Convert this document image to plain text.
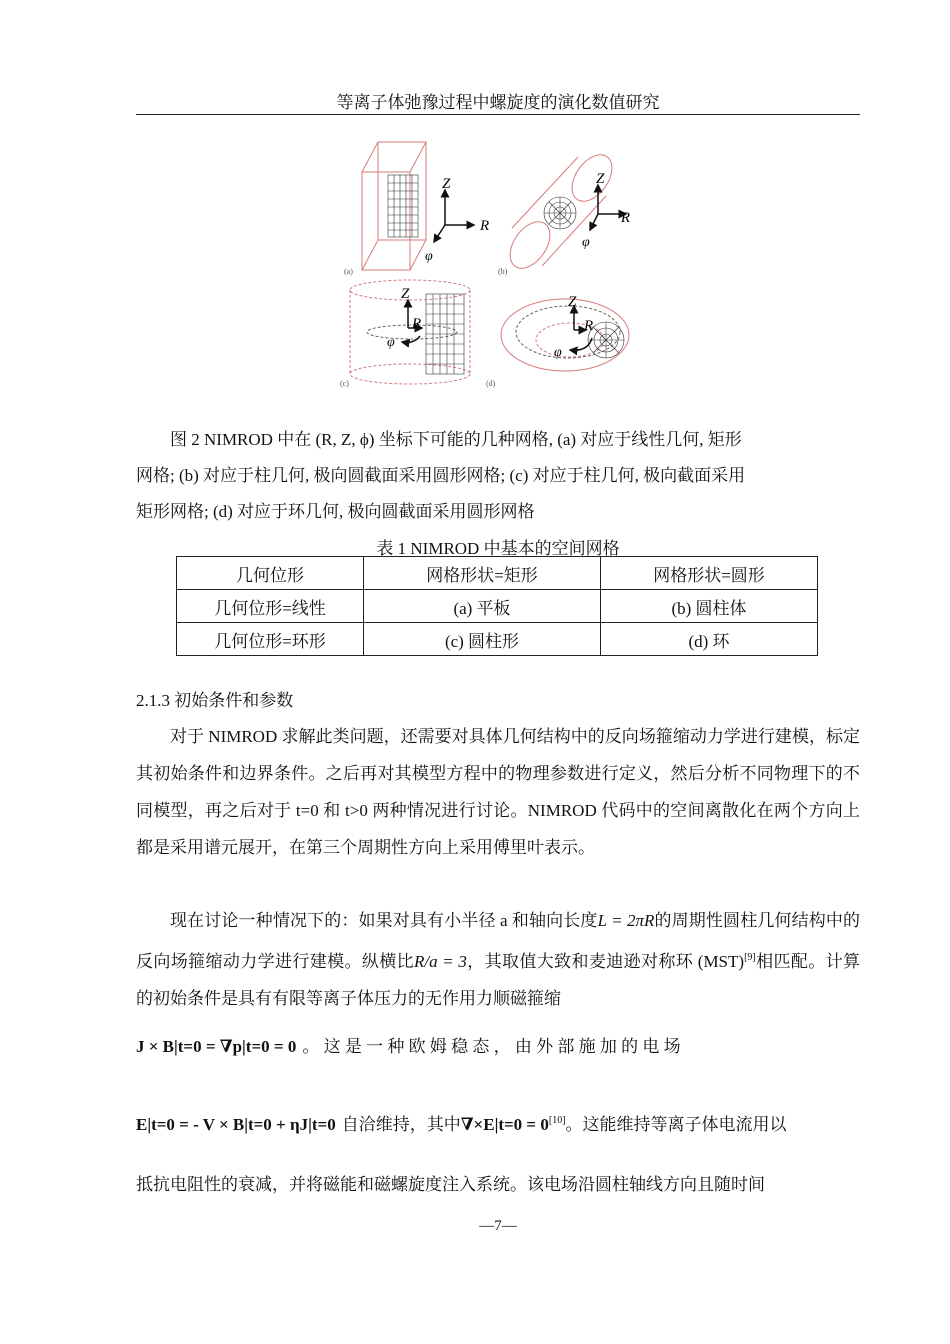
等离子体弛豫过程中螺旋度的演化数值研究
Z
R
φ
(a)
Z
R
φ
(b)
Z
R
φ
(c)
Z
R
φ
(d)
图 2 NIMROD 中在 (R, Z, ϕ) 坐标下可能的几种网格, (a) 对应于线性几何, 矩形
网格; (b) 对应于柱几何, 极向圆截面采用圆形网格; (c) 对应于柱几何, 极向截面采用
矩形网格; (d) 对应于环几何, 极向圆截面采用圆形网格
表 1 NIMROD 中基本的空间网格
几何位形	网格形状=矩形	网格形状=圆形
几何位形=线性	(a) 平板	(b) 圆柱体
几何位形=环形	(c) 圆柱形	(d) 环
2.1.3 初始条件和参数
对于 NIMROD 求解此类问题，还需要对具体几何结构中的反向场箍缩动力学进行建模，标定其初始条件和边界条件。之后再对其模型方程中的物理参数进行定义，然后分析不同物理下的不同模型，再之后对于 t=0 和 t>0 两种情况进行讨论。NIMROD 代码中的空间离散化在两个方向上都是采用谱元展开，在第三个周期性方向上采用傅里叶表示。
现在讨论一种情况下的：如果对具有小半径 a 和轴向长度L = 2πR的周期性圆柱几何结构中的反向场箍缩动力学进行建模。纵横比R/a = 3，其取值大致和麦迪逊对称环 (MST)[9]相匹配。计算的初始条件是具有有限等离子体压力的无作用力顺磁箍缩
J × B|t=0 = ∇p|t=0 = 0 。 这 是 一 种 欧 姆 稳 态 ， 由 外 部 施 加 的 电 场
E|t=0 = - V × B|t=0 + ηJ|t=0 自洽维持，其中∇×E|t=0 = 0[10]。这能维持等离子体电流用以
抵抗电阻性的衰减，并将磁能和磁螺旋度注入系统。该电场沿圆柱轴线方向且随时间
—7—
